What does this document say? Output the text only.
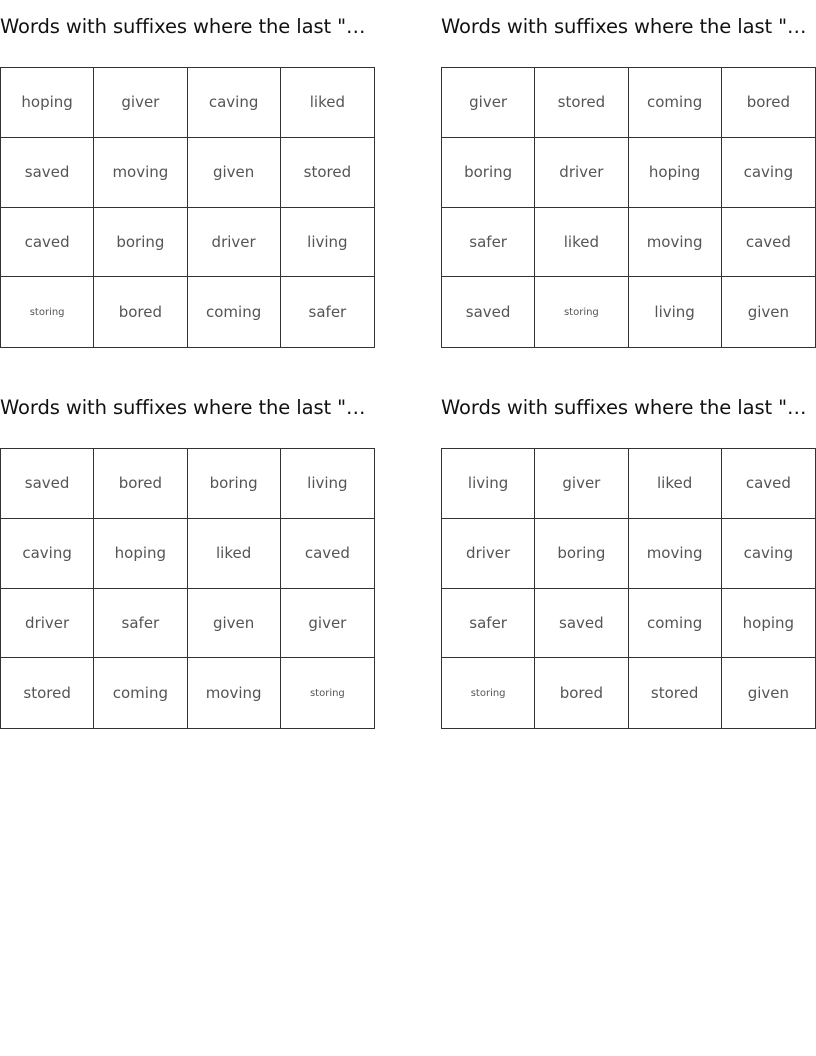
Words with suffixes where the last "…
hoping	giver	caving	liked
saved	moving	given	stored
caved	boring	driver	living
storing	bored	coming	safer
Words with suffixes where the last "…
giver	stored	coming	bored
boring	driver	hoping	caving
safer	liked	moving	caved
saved	storing	living	given
Words with suffixes where the last "…
saved	bored	boring	living
caving	hoping	liked	caved
driver	safer	given	giver
stored	coming	moving	storing
Words with suffixes where the last "…
living	giver	liked	caved
driver	boring	moving	caving
safer	saved	coming	hoping
storing	bored	stored	given
